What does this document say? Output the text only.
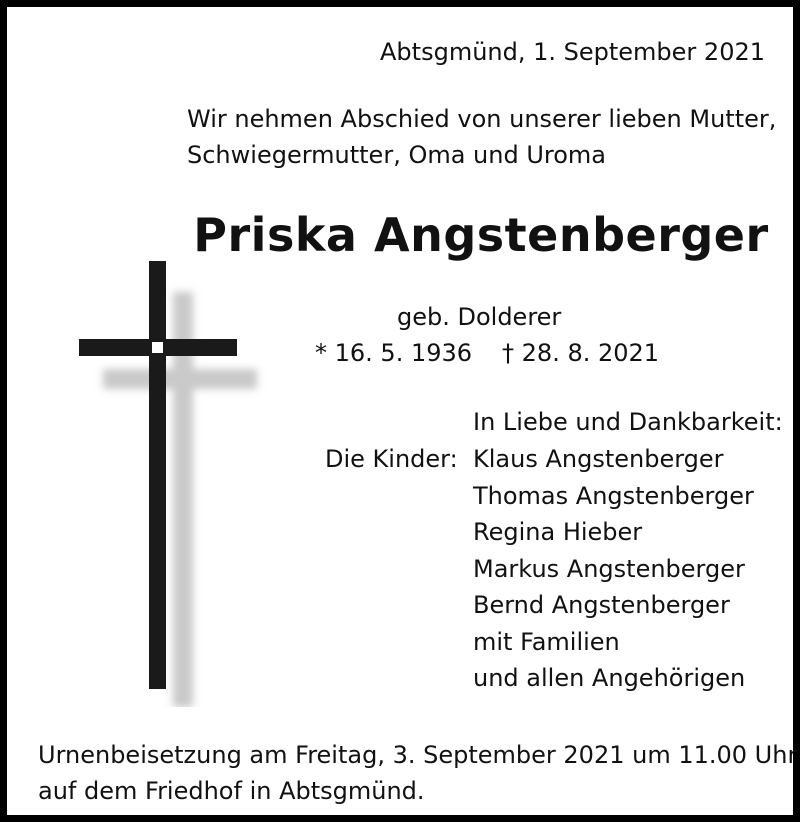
Abtsgmünd, 1. September 2021
Wir nehmen Abschied von unserer lieben Mutter,
Schwiegermutter, Oma und Uroma
Priska Angstenberger
geb. Dolderer
* 16. 5. 1936 † 28. 8. 2021
In Liebe und Dankbarkeit:
Die Kinder: Klaus Angstenberger
Thomas Angstenberger
Regina Hieber
Markus Angstenberger
Bernd Angstenberger
mit Familien
und allen Angehörigen
Urnenbeisetzung am Freitag, 3. September 2021 um 11.00 Uhr
auf dem Friedhof in Abtsgmünd.
